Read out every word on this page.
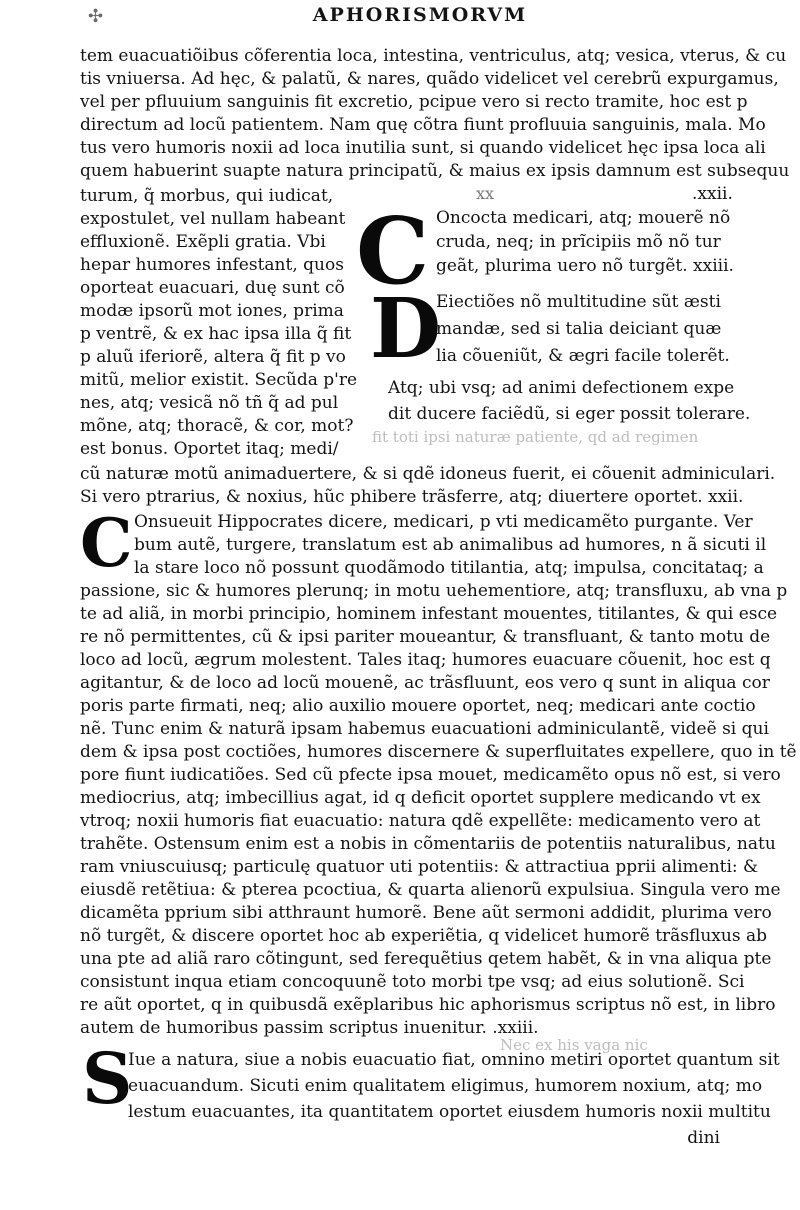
✣	APHORISMORVM
tem euacuatiõibus cõferentia loca, intestina, ventriculus, atq; vesica, vterus, & cu
tis vniuersa. Ad hęc, & palatũ, & nares, quãdo videlicet vel cerebrũ expurgamus,
vel per pfluuium sanguinis fit excretio, pcipue vero si recto tramite, hoc est p
directum ad locũ patientem. Nam quę cõtra fiunt profluuia sanguinis, mala. Mo
tus vero humoris noxii ad loca inutilia sunt, si quando videlicet hęc ipsa loca ali
quem habuerint suapte natura principatũ, & maius ex ipsis damnum est subsequu
turum, q̃ morbus, qui iudicat,
expostulet, vel nullam habeant
effluxionẽ. Exẽpli gratia. Vbi
hepar humores infestant, quos
oporteat euacuari, duę sunt cõ
modæ ipsorũ mot iones, prima
p ventrẽ, & ex hac ipsa illa q̃ fit
p aluũ iferiorẽ, altera q̃ fit p vo
mitũ, melior existit. Secũda p're
nes, atq; vesicã nõ tñ q̃ ad pul
mõne, atq; thoracẽ, & cor, mot?
est bonus. Oportet itaq; medi/
xx	.xxii.
C Oncocta medicari, atq; mouerẽ nõ
cruda, neq; in prĩcipiis mõ nõ tur
geãt, plurima uero nõ turgẽt. xxiii.
D
Eiectiões nõ multitudine sũt æsti
mandæ, sed si talia deiciant quæ
lia cõueniũt, & ægri facile tolerẽt.
Atq; ubi vsq; ad animi defectionem expe
dit ducere faciẽdũ, si eger possit tolerare.
fit toti ipsi naturæ patiente, qd ad regimen
cũ naturæ motũ animaduertere, & si qdẽ idoneus fuerit, ei cõuenit adminiculari.
Si vero ptrarius, & noxius, hũc phibere trãsferre, atq; diuertere oportet. xxii.
C Onsueuit Hippocrates dicere, medicari, p vti medicamẽto purgante. Ver
bum autẽ, turgere, translatum est ab animalibus ad humores, n ã sicuti il
la stare loco nõ possunt quodãmodo titilantia, atq; impulsa, concitataq; a
passione, sic & humores plerunq; in motu uehementiore, atq; transfluxu, ab vna p
te ad aliã, in morbi principio, hominem infestant mouentes, titilantes, & qui esce
re nõ permittentes, cũ & ipsi pariter moueantur, & transfluant, & tanto motu de
loco ad locũ, ægrum molestent. Tales itaq; humores euacuare cõuenit, hoc est q
agitantur, & de loco ad locũ mouenẽ, ac trãsfluunt, eos vero q sunt in aliqua cor
poris parte firmati, neq; alio auxilio mouere oportet, neq; medicari ante coctio
nẽ. Tunc enim & naturã ipsam habemus euacuationi adminiculantẽ, videẽ si qui
dem & ipsa post coctiões, humores discernere & superfluitates expellere, quo in tẽ
pore fiunt iudicatiões. Sed cũ pfecte ipsa mouet, medicamẽto opus nõ est, si vero
mediocrius, atq; imbecillius agat, id q deficit oportet supplere medicando vt ex
vtroq; noxii humoris fiat euacuatio: natura qdẽ expellẽte: medicamento vero at
trahẽte. Ostensum enim est a nobis in cõmentariis de potentiis naturalibus, natu
ram vniuscuiusq; particulę quatuor uti potentiis: & attractiua pprii alimenti: &
eiusdẽ retẽtiua: & pterea pcoctiua, & quarta alienorũ expulsiua. Singula vero me
dicamẽta pprium sibi atthraunt humorẽ. Bene aũt sermoni addidit, plurima vero
nõ turgẽt, & discere oportet hoc ab experiẽtia, q videlicet humorẽ trãsfluxus ab
una pte ad aliã raro cõtingunt, sed ferequẽtius qetem habẽt, & in vna aliqua pte
consistunt inqua etiam concoquunẽ toto morbi tpe vsq; ad eius solutionẽ. Sci
re aũt oportet, q in quibusdã exẽplaribus hic aphorismus scriptus nõ est, in libro
autem de humoribus passim scriptus inuenitur. .xxiii.
Nec ex his vaga nic
S
Iue a natura, siue a nobis euacuatio fiat, omnino metiri oportet quantum sit
euacuandum. Sicuti enim qualitatem eligimus, humorem noxium, atq; mo
lestum euacuantes, ita quantitatem oportet eiusdem humoris noxii multitu
dini
